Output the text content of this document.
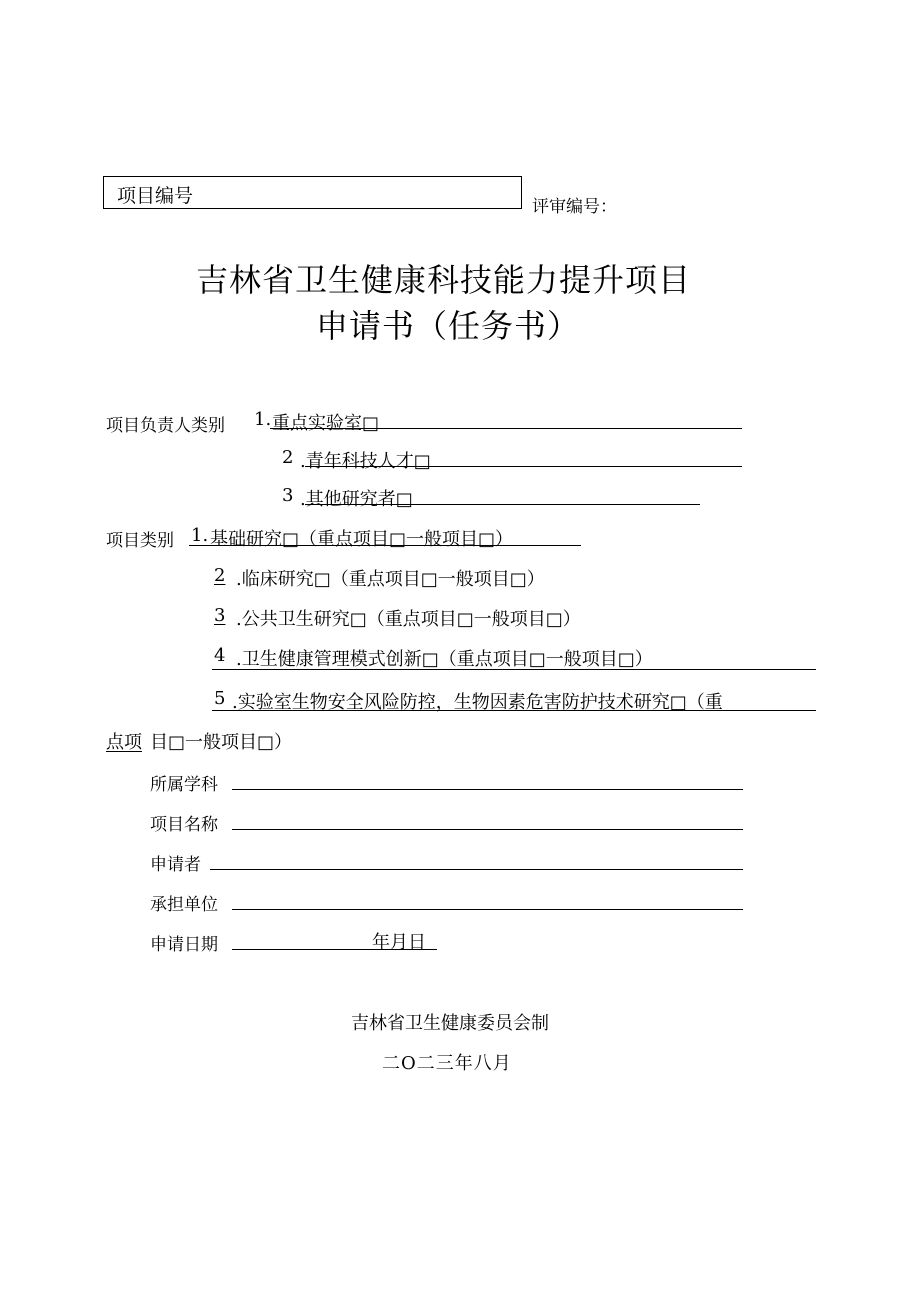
项目编号	评审编号：
吉林省卫生健康科技能力提升项目
申请书（任务书）
项目负责人类别 1. 重点实验室□
2 .青年科技人才□
3 .其他研究者□
项目类别 1. 基础研究□（重点项目□一般项目□）
2 .临床研究□（重点项目□一般项目□）
3 .公共卫生研究□（重点项目□一般项目□）
4 .卫生健康管理模式创新□（重点项目□一般项目□）
5 .实验室生物安全风险防控，生物因素危害防护技术研究□（重
点项 目□一般项目□）
所属学科
项目名称
申请者
承担单位
申请日期	年月日
吉林省卫生健康委员会制
二O二三年八月
